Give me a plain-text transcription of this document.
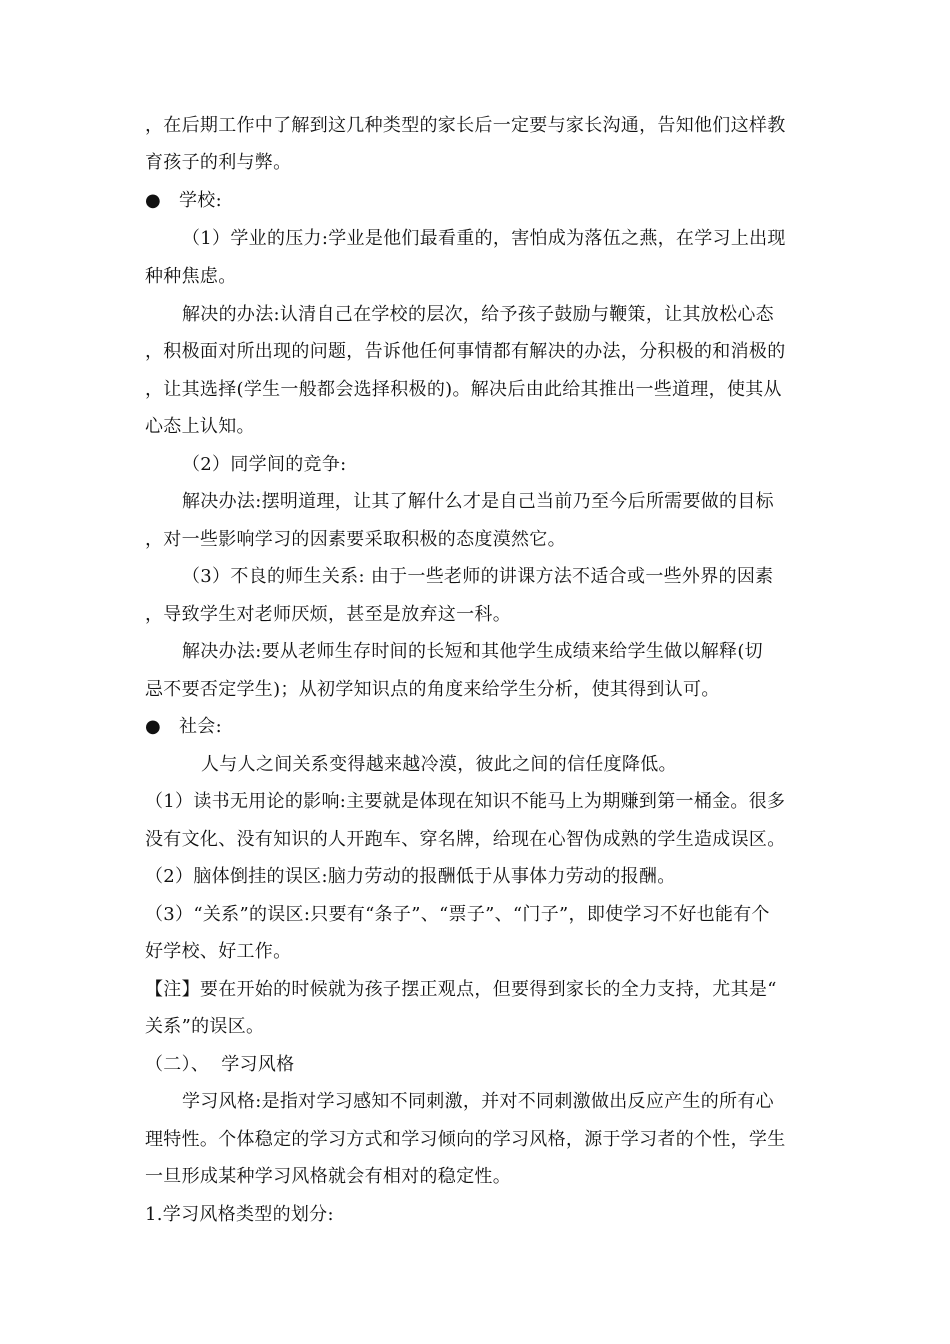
，在后期工作中了解到这几种类型的家长后一定要与家长沟通，告知他们这样教
育孩子的利与弊。
● 学校:
（1）学业的压力:学业是他们最看重的，害怕成为落伍之燕，在学习上出现
种种焦虑。
解决的办法:认清自己在学校的层次，给予孩子鼓励与鞭策，让其放松心态
，积极面对所出现的问题，告诉他任何事情都有解决的办法，分积极的和消极的
，让其选择(学生一般都会选择积极的)。解决后由此给其推出一些道理，使其从
心态上认知。
（2）同学间的竞争:
解决办法:摆明道理，让其了解什么才是自己当前乃至今后所需要做的目标
，对一些影响学习的因素要采取积极的态度漠然它。
（3）不良的师生关系: 由于一些老师的讲课方法不适合或一些外界的因素
，导致学生对老师厌烦，甚至是放弃这一科。
解决办法:要从老师生存时间的长短和其他学生成绩来给学生做以解释(切
忌不要否定学生)；从初学知识点的角度来给学生分析，使其得到认可。
● 社会:
人与人之间关系变得越来越冷漠，彼此之间的信任度降低。
（1）读书无用论的影响:主要就是体现在知识不能马上为期赚到第一桶金。很多
没有文化、没有知识的人开跑车、穿名牌，给现在心智伪成熟的学生造成误区。
（2）脑体倒挂的误区:脑力劳动的报酬低于从事体力劳动的报酬。
（3）“关系”的误区:只要有“条子”、“票子”、“门子”，即使学习不好也能有个
好学校、好工作。
【注】要在开始的时候就为孩子摆正观点，但要得到家长的全力支持，尤其是“
关系”的误区。
（二）、  学习风格
学习风格:是指对学习感知不同刺激，并对不同刺激做出反应产生的所有心
理特性。个体稳定的学习方式和学习倾向的学习风格，源于学习者的个性，学生
一旦形成某种学习风格就会有相对的稳定性。
1.学习风格类型的划分:
